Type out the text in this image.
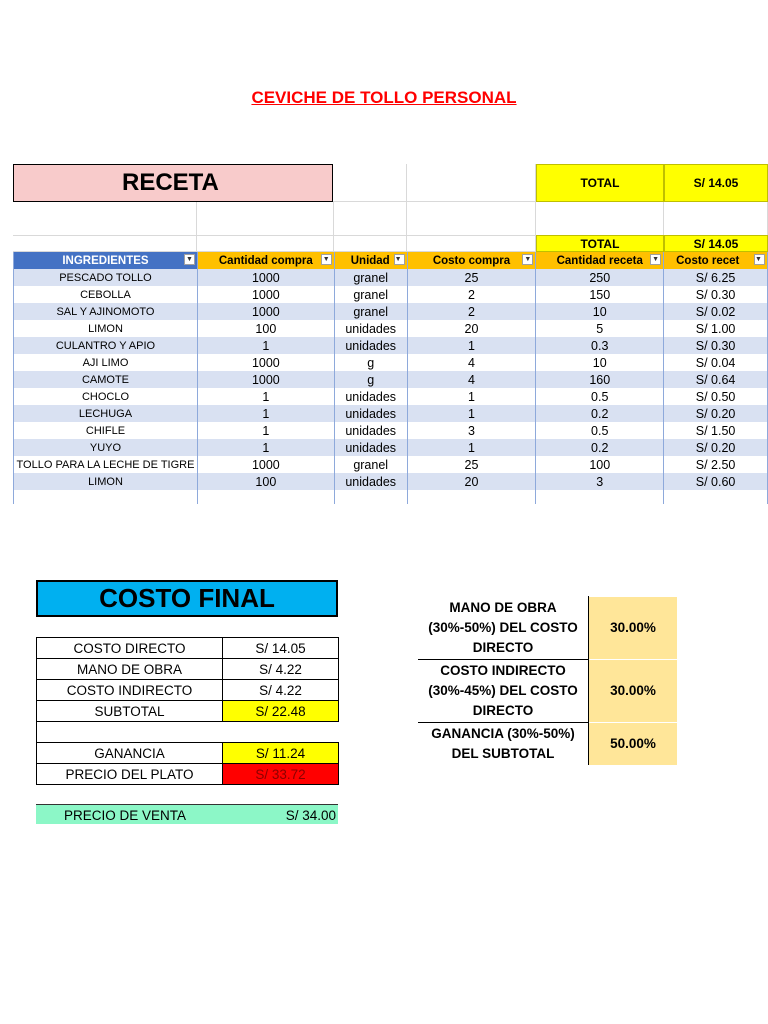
CEVICHE DE TOLLO PERSONAL
RECETA	TOTAL	S/ 14.05
TOTAL	S/ 14.05
INGREDIENTES ▼	Cantidad compra ▼	Unidad ▼	Costo compra ▼	Cantidad receta ▼	Costo recet ▼

PESCADO TOLLO	1000	granel	25	250	S/ 6.25
CEBOLLA	1000	granel	2	150	S/ 0.30
SAL Y AJINOMOTO	1000	granel	2	10	S/ 0.02
LIMON	100	unidades	20	5	S/ 1.00
CULANTRO Y APIO	1	unidades	1	0.3	S/ 0.30
AJI LIMO	1000	g	4	10	S/ 0.04
CAMOTE	1000	g	4	160	S/ 0.64
CHOCLO	1	unidades	1	0.5	S/ 0.50
LECHUGA	1	unidades	1	0.2	S/ 0.20
CHIFLE	1	unidades	3	0.5	S/ 1.50
YUYO	1	unidades	1	0.2	S/ 0.20
TOLLO PARA LA LECHE DE TIGRE	1000	granel	25	100	S/ 2.50
LIMON	100	unidades	20	3	S/ 0.60

COSTO FINAL
COSTO DIRECTO	S/ 14.05
MANO DE OBRA	S/ 4.22
COSTO INDIRECTO	S/ 4.22
SUBTOTAL	S/ 22.48

GANANCIA	S/ 11.24
PRECIO DEL PLATO	S/ 33.72
PRECIO DE VENTA	S/ 34.00
MANO DE OBRA (30%-50%) DEL COSTO DIRECTO	30.00%
COSTO INDIRECTO (30%-45%) DEL COSTO DIRECTO	30.00%
GANANCIA (30%-50%) DEL SUBTOTAL	50.00%
